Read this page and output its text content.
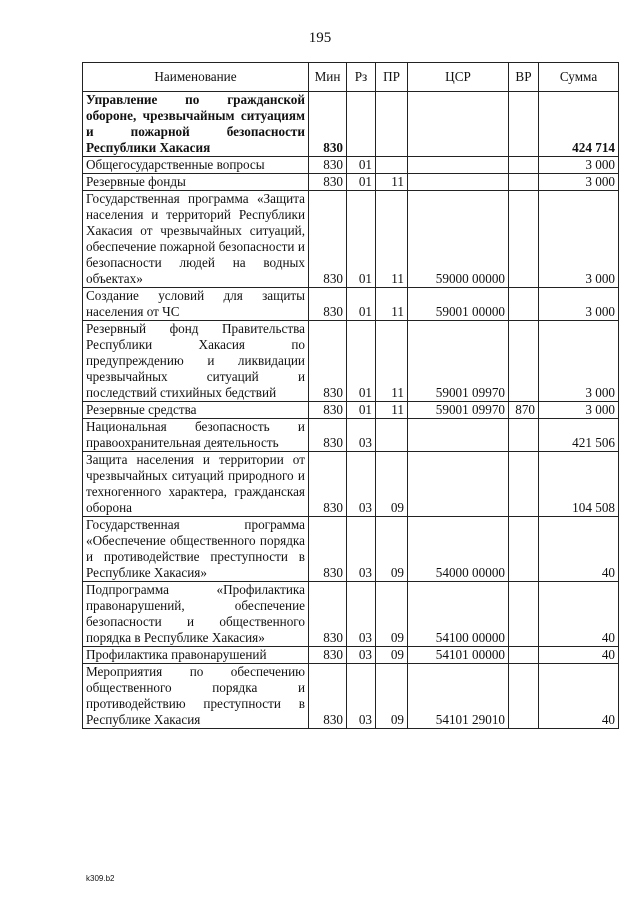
195
Наименование	Мин	Рз	ПР	ЦСР	ВР	Сумма
Управление по гражданской обороне, чрезвычайным ситуациям и пожарной безопасности Республики Хакасия	830					424 714
Общегосударственные вопросы	830	01				3 000
Резервные фонды	830	01	11			3 000
Государственная программа «Защита населения и территорий Республики Хакасия от чрезвычайных ситуаций, обеспечение пожарной безопасности и безопасности людей на водных объектах»	830	01	11	59000 00000		3 000
Создание условий для защиты населения от ЧС	830	01	11	59001 00000		3 000
Резервный фонд Правительства Республики Хакасия по предупреждению и ликвидации чрезвычайных ситуаций и последствий стихийных бедствий	830	01	11	59001 09970		3 000
Резервные средства	830	01	11	59001 09970	870	3 000
Национальная безопасность и правоохранительная деятельность	830	03				421 506
Защита населения и территории от чрезвычайных ситуаций природного и техногенного характера, гражданская оборона	830	03	09			104 508
Государственная программа «Обеспечение общественного порядка и противодействие преступности в Республике Хакасия»	830	03	09	54000 00000		40
Подпрограмма «Профилактика правонарушений, обеспечение безопасности и общественного порядка в Республике Хакасия»	830	03	09	54100 00000		40
Профилактика правонарушений	830	03	09	54101 00000		40
Мероприятия по обеспечению общественного порядка и противодействию преступности в Республике Хакасия	830	03	09	54101 29010		40
k309.b2
